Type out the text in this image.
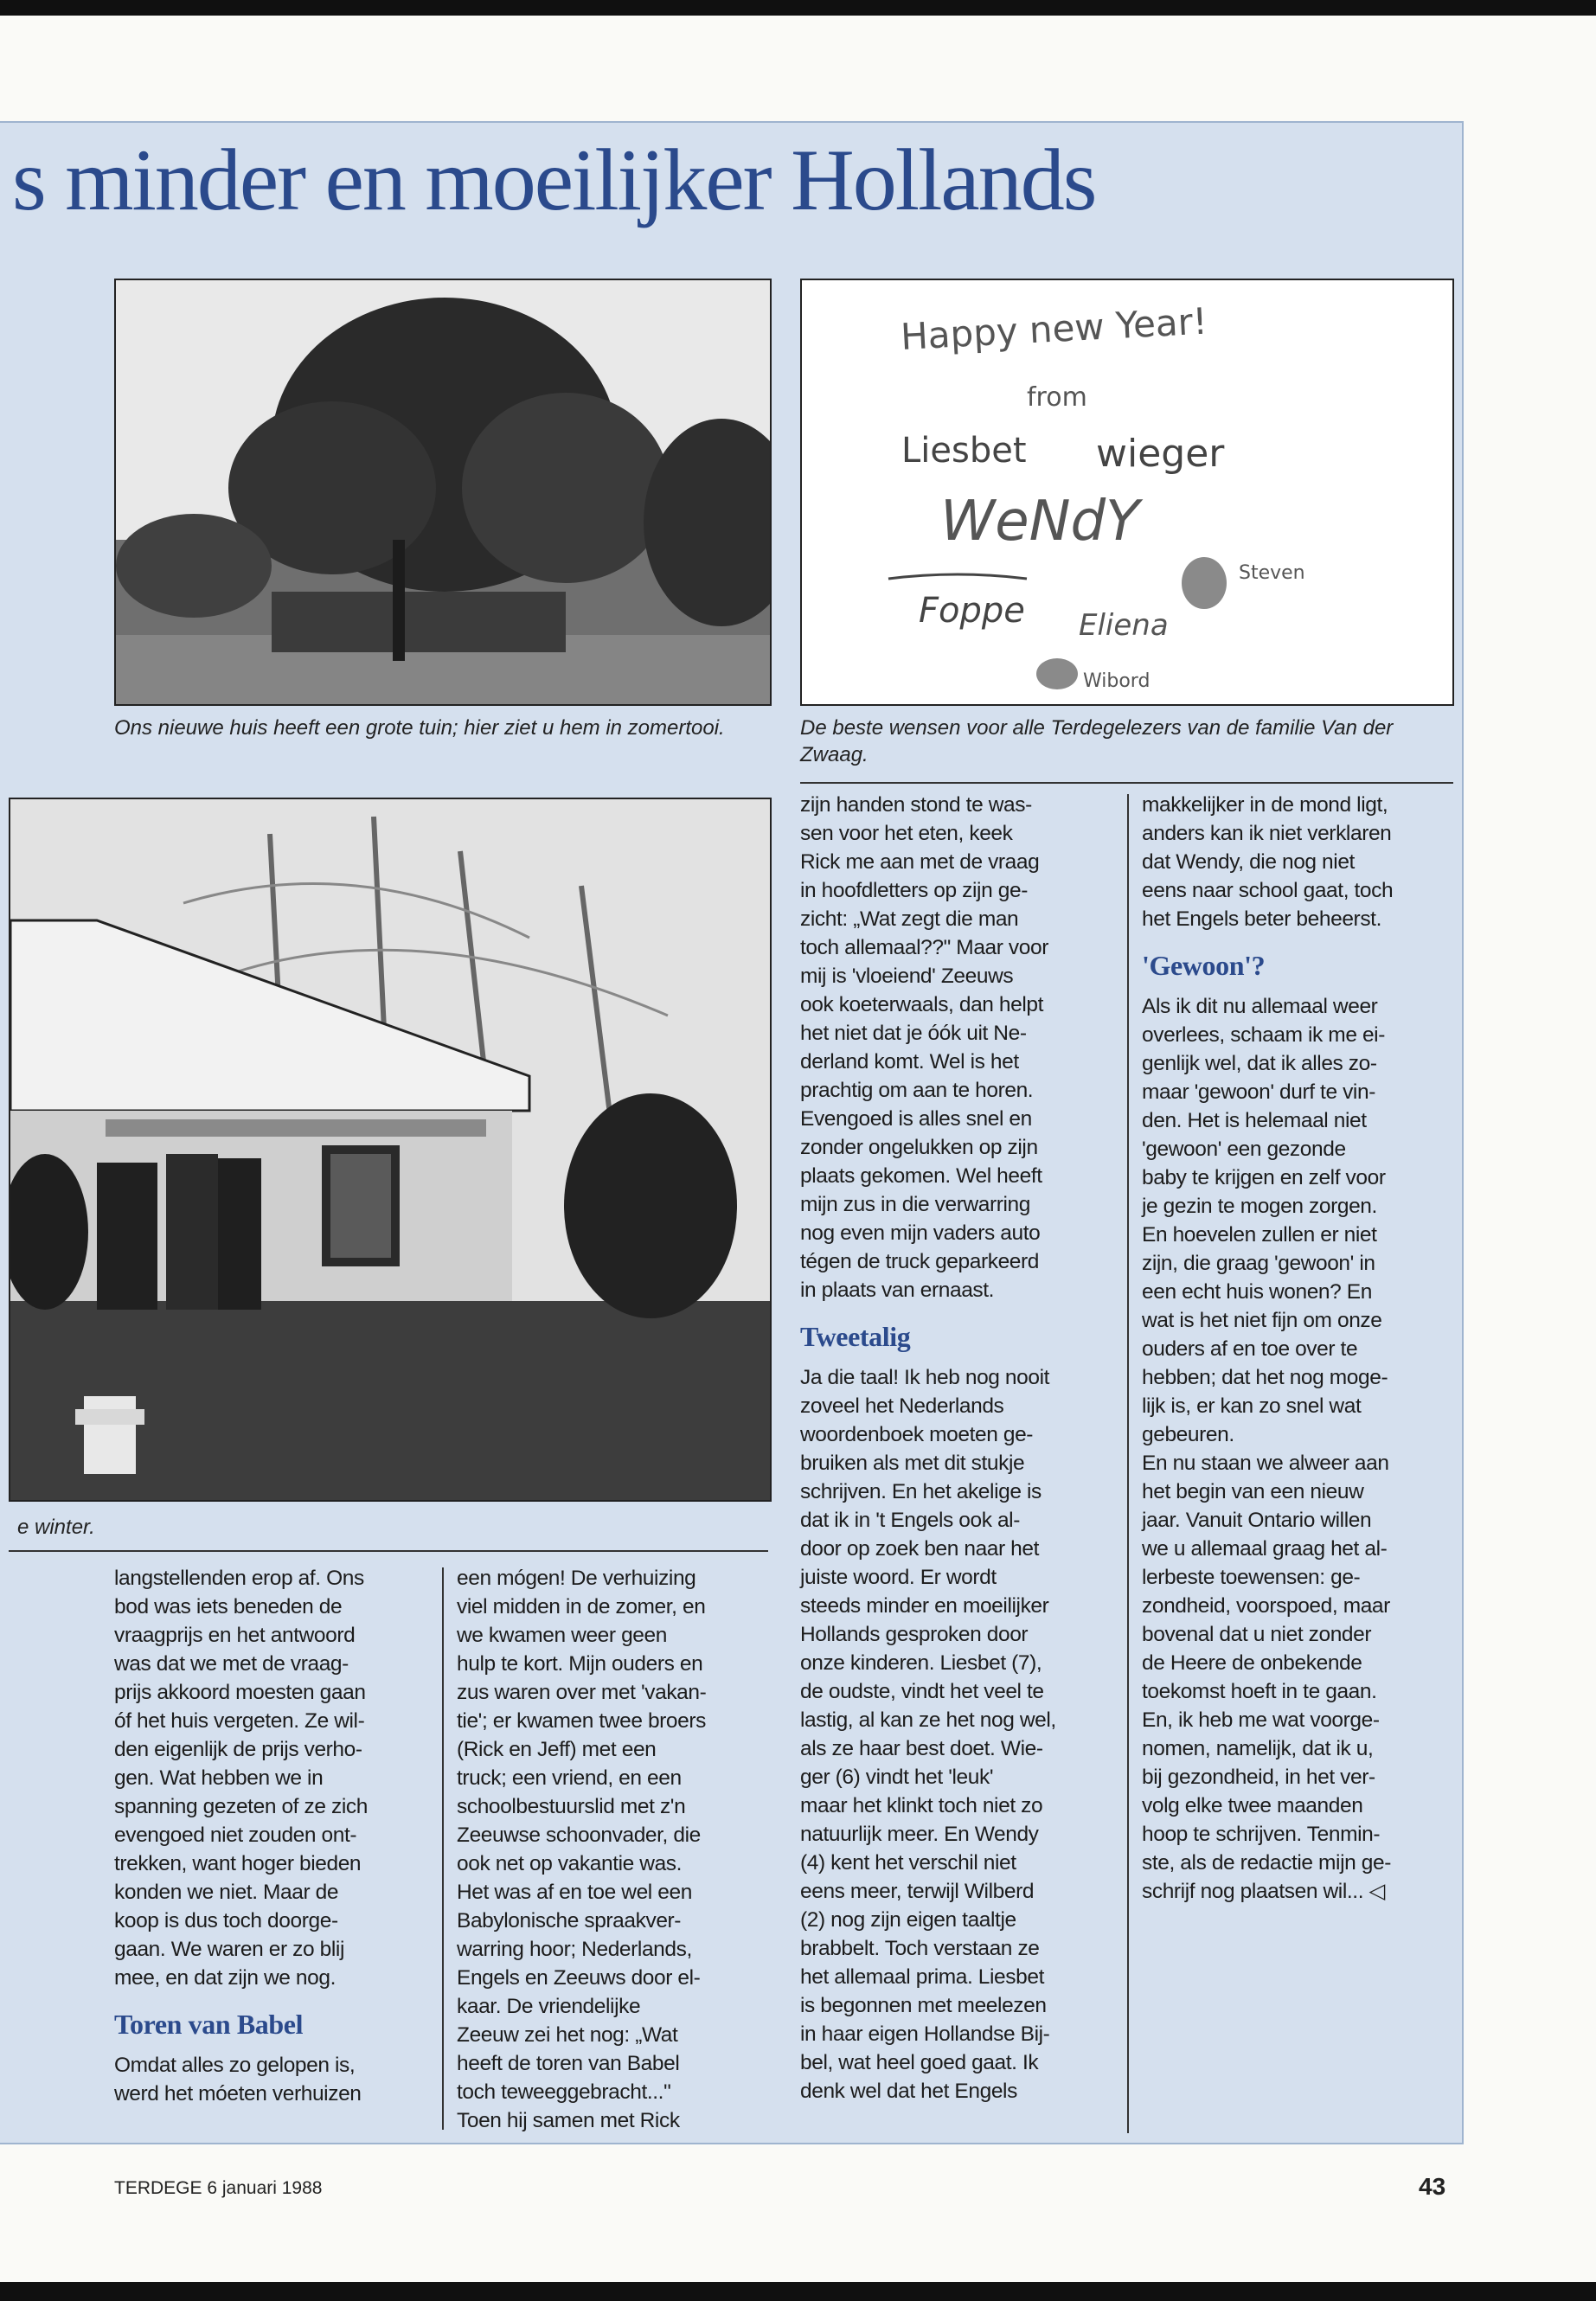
s minder en moeilijker Hollands
Ons nieuwe huis heeft een grote tuin; hier ziet u hem in zomertooi.
Happy new Year!
from
Liesbet wieger
WeNdY
Foppe Eliena
Steven
Wibord
De beste wensen voor alle Terdegelezers van de familie Van der Zwaag.
e winter.

langstellenden erop af. Ons
bod was iets beneden de
vraagprijs en het antwoord
was dat we met de vraag-
prijs akkoord moesten gaan
óf het huis vergeten. Ze wil-
den eigenlijk de prijs verho-
gen. Wat hebben we in
spanning gezeten of ze zich
evengoed niet zouden ont-
trekken, want hoger bieden
konden we niet. Maar de
koop is dus toch doorge-
gaan. We waren er zo blij
mee, en dat zijn we nog.

Toren van Babel

Omdat alles zo gelopen is,
werd het móeten verhuizen

een mógen! De verhuizing
viel midden in de zomer, en
we kwamen weer geen
hulp te kort. Mijn ouders en
zus waren over met 'vakan-
tie'; er kwamen twee broers
(Rick en Jeff) met een
truck; een vriend, en een
schoolbestuurslid met z'n
Zeeuwse schoonvader, die
ook net op vakantie was.
Het was af en toe wel een
Babylonische spraakver-
warring hoor; Nederlands,
Engels en Zeeuws door el-
kaar. De vriendelijke
Zeeuw zei het nog: „Wat
heeft de toren van Babel
toch teweeggebracht..."
Toen hij samen met Rick

zijn handen stond te was-
sen voor het eten, keek
Rick me aan met de vraag
in hoofdletters op zijn ge-
zicht: „Wat zegt die man
toch allemaal??" Maar voor
mij is 'vloeiend' Zeeuws
ook koeterwaals, dan helpt
het niet dat je óók uit Ne-
derland komt. Wel is het
prachtig om aan te horen.
Evengoed is alles snel en
zonder ongelukken op zijn
plaats gekomen. Wel heeft
mijn zus in die verwarring
nog even mijn vaders auto
tégen de truck geparkeerd
in plaats van ernaast.

Tweetalig

Ja die taal! Ik heb nog nooit
zoveel het Nederlands
woordenboek moeten ge-
bruiken als met dit stukje
schrijven. En het akelige is
dat ik in 't Engels ook al-
door op zoek ben naar het
juiste woord. Er wordt
steeds minder en moeilijker
Hollands gesproken door
onze kinderen. Liesbet (7),
de oudste, vindt het veel te
lastig, al kan ze het nog wel,
als ze haar best doet. Wie-
ger (6) vindt het 'leuk'
maar het klinkt toch niet zo
natuurlijk meer. En Wendy
(4) kent het verschil niet
eens meer, terwijl Wilberd
(2) nog zijn eigen taaltje
brabbelt. Toch verstaan ze
het allemaal prima. Liesbet
is begonnen met meelezen
in haar eigen Hollandse Bij-
bel, wat heel goed gaat. Ik
denk wel dat het Engels

makkelijker in de mond ligt,
anders kan ik niet verklaren
dat Wendy, die nog niet
eens naar school gaat, toch
het Engels beter beheerst.

'Gewoon'?

Als ik dit nu allemaal weer
overlees, schaam ik me ei-
genlijk wel, dat ik alles zo-
maar 'gewoon' durf te vin-
den. Het is helemaal niet
'gewoon' een gezonde
baby te krijgen en zelf voor
je gezin te mogen zorgen.
En hoevelen zullen er niet
zijn, die graag 'gewoon' in
een echt huis wonen? En
wat is het niet fijn om onze
ouders af en toe over te
hebben; dat het nog moge-
lijk is, er kan zo snel wat
gebeuren.
En nu staan we alweer aan
het begin van een nieuw
jaar. Vanuit Ontario willen
we u allemaal graag het al-
lerbeste toewensen: ge-
zondheid, voorspoed, maar
bovenal dat u niet zonder
de Heere de onbekende
toekomst hoeft in te gaan.
En, ik heb me wat voorge-
nomen, namelijk, dat ik u,
bij gezondheid, in het ver-
volg elke twee maanden
hoop te schrijven. Tenmin-
ste, als de redactie mijn ge-
schrijf nog plaatsen wil... ◁

TERDEGE 6 januari 1988	43
